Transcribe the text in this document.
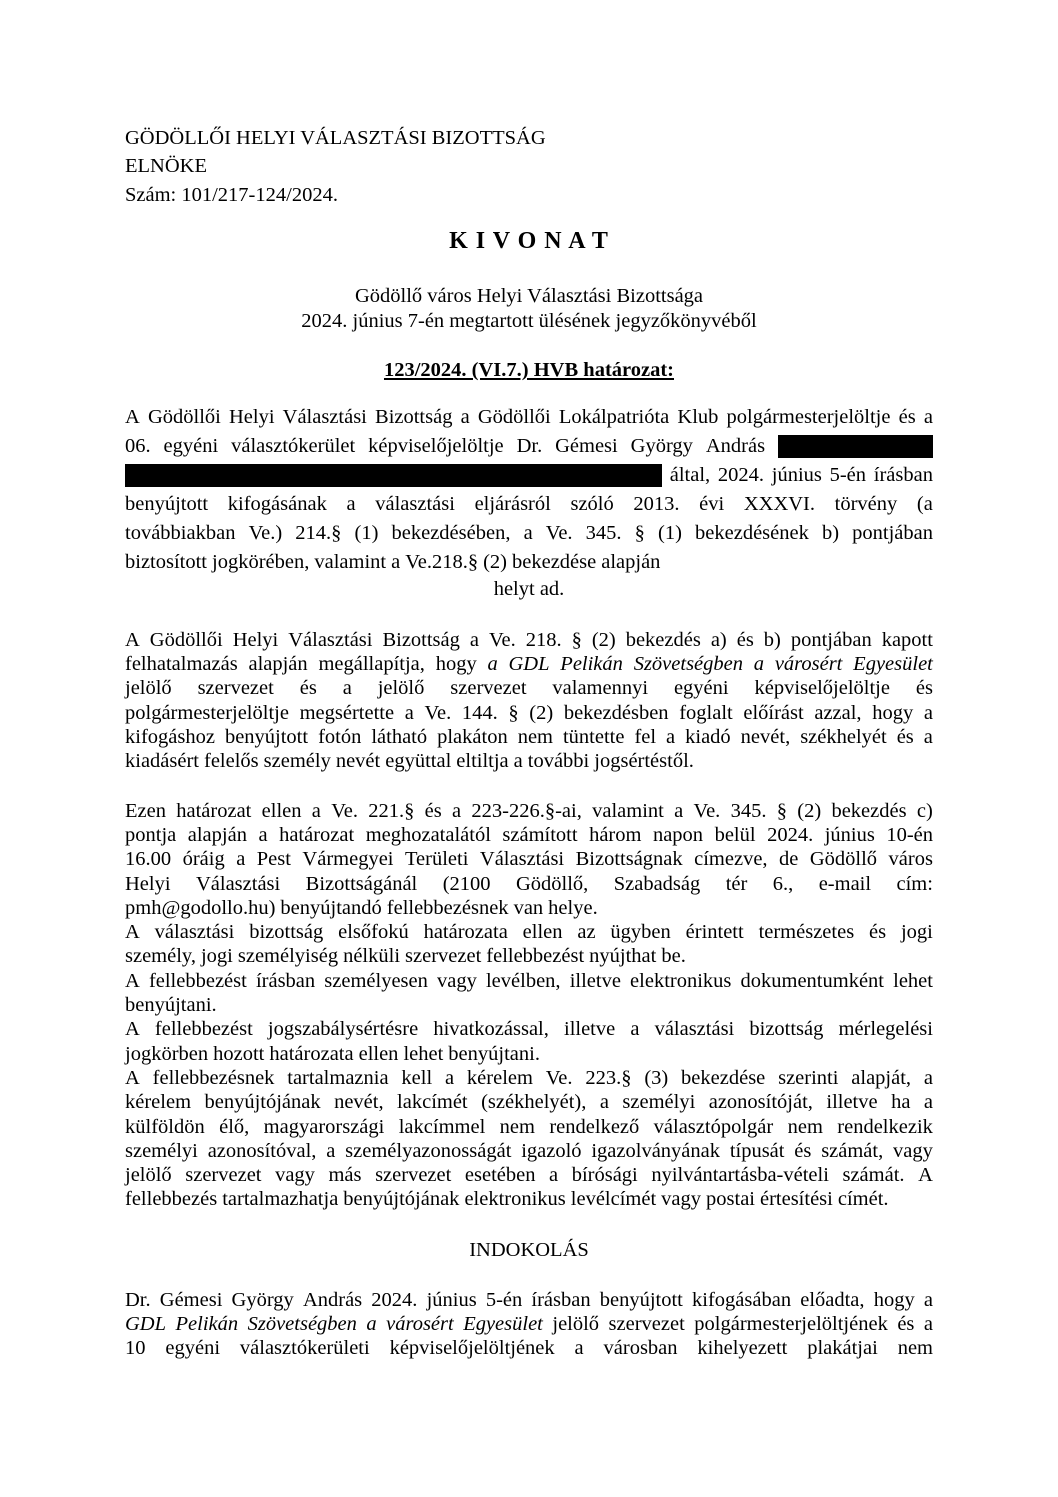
GÖDÖLLŐI HELYI VÁLASZTÁSI BIZOTTSÁG
ELNÖKE
Szám: 101/217-124/2024.
K I V O N A T
Gödöllő város Helyi Választási Bizottsága
2024. június 7-én megtartott ülésének jegyzőkönyvéből
123/2024. (VI.7.) HVB határozat:
A Gödöllői Helyi Választási Bizottság a Gödöllői Lokálpatrióta Klub polgármesterjelöltje és a
06. egyéni választókerület képviselőjelöltje Dr. Gémesi György András
által, 2024. június 5-én írásban
benyújtott kifogásának a választási eljárásról szóló 2013. évi XXXVI. törvény (a
továbbiakban Ve.) 214.§ (1) bekezdésében, a Ve. 345. § (1) bekezdésének b) pontjában
biztosított jogkörében, valamint a Ve.218.§ (2) bekezdése alapján
helyt ad.
A Gödöllői Helyi Választási Bizottság a Ve. 218. § (2) bekezdés a) és b) pontjában kapott
felhatalmazás alapján megállapítja, hogy a GDL Pelikán Szövetségben a városért Egyesület
jelölő szervezet és a jelölő szervezet valamennyi egyéni képviselőjelöltje és
polgármesterjelöltje megsértette a Ve. 144. § (2) bekezdésben foglalt előírást azzal, hogy a
kifogáshoz benyújtott fotón látható plakáton nem tüntette fel a kiadó nevét, székhelyét és a
kiadásért felelős személy nevét együttal eltiltja a további jogsértéstől.
Ezen határozat ellen a Ve. 221.§ és a 223-226.§-ai, valamint a Ve. 345. § (2) bekezdés c)
pontja alapján a határozat meghozatalától számított három napon belül 2024. június 10-én
16.00 óráig a Pest Vármegyei Területi Választási Bizottságnak címezve, de Gödöllő város
Helyi Választási Bizottságánál (2100 Gödöllő, Szabadság tér 6., e-mail cím:
pmh@godollo.hu) benyújtandó fellebbezésnek van helye.
A választási bizottság elsőfokú határozata ellen az ügyben érintett természetes és jogi
személy, jogi személyiség nélküli szervezet fellebbezést nyújthat be.
A fellebbezést írásban személyesen vagy levélben, illetve elektronikus dokumentumként lehet
benyújtani.
A fellebbezést jogszabálysértésre hivatkozással, illetve a választási bizottság mérlegelési
jogkörben hozott határozata ellen lehet benyújtani.
A fellebbezésnek tartalmaznia kell a kérelem Ve. 223.§ (3) bekezdése szerinti alapját, a
kérelem benyújtójának nevét, lakcímét (székhelyét), a személyi azonosítóját, illetve ha a
külföldön élő, magyarországi lakcímmel nem rendelkező választópolgár nem rendelkezik
személyi azonosítóval, a személyazonosságát igazoló igazolványának típusát és számát, vagy
jelölő szervezet vagy más szervezet esetében a bírósági nyilvántartásba-vételi számát. A
fellebbezés tartalmazhatja benyújtójának elektronikus levélcímét vagy postai értesítési címét.
INDOKOLÁS
Dr. Gémesi György András 2024. június 5-én írásban benyújtott kifogásában előadta, hogy a
GDL Pelikán Szövetségben a városért Egyesület jelölő szervezet polgármesterjelöltjének és a
10 egyéni választókerületi képviselőjelöltjének a városban kihelyezett plakátjai nem
